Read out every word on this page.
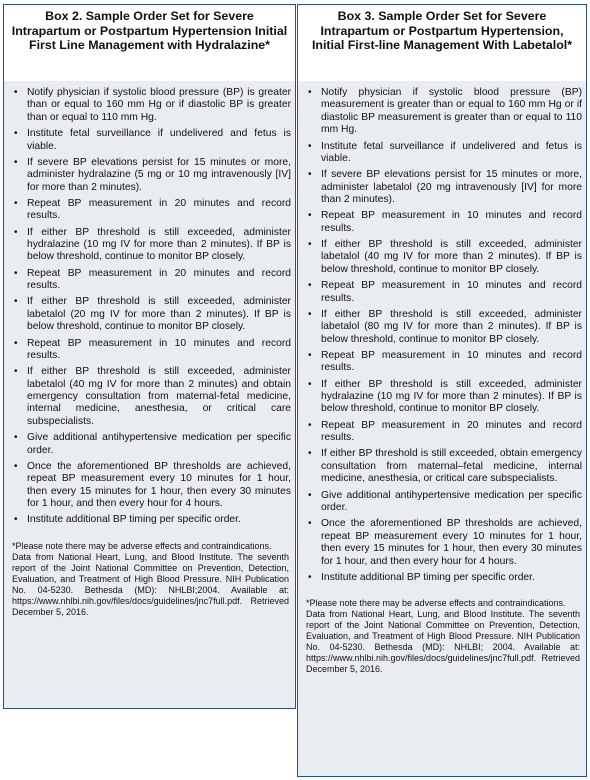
Box 2. Sample Order Set for Severe Intrapartum or Postpartum Hypertension Initial First Line Management with Hydralazine*
• Notify physician if systolic blood pressure (BP) is greater than or equal to 160 mm Hg or if diastolic BP is greater than or equal to 110 mm Hg.
• Institute fetal surveillance if undelivered and fetus is viable.
• If severe BP elevations persist for 15 minutes or more, administer hydralazine (5 mg or 10 mg intravenously [IV] for more than 2 minutes).
• Repeat BP measurement in 20 minutes and record results.
• If either BP threshold is still exceeded, administer hydralazine (10 mg IV for more than 2 minutes). If BP is below threshold, continue to monitor BP closely.
• Repeat BP measurement in 20 minutes and record results.
• If either BP threshold is still exceeded, administer labetalol (20 mg IV for more than 2 minutes). If BP is below threshold, continue to monitor BP closely.
• Repeat BP measurement in 10 minutes and record results.
• If either BP threshold is still exceeded, administer labetalol (40 mg IV for more than 2 minutes) and obtain emergency consultation from maternal-fetal medicine, internal medicine, anesthesia, or critical care subspecialists.
• Give additional antihypertensive medication per specific order.
• Once the aforementioned BP thresholds are achieved, repeat BP measurement every 10 minutes for 1 hour, then every 15 minutes for 1 hour, then every 30 minutes for 1 hour, and then every hour for 4 hours.
• Institute additional BP timing per specific order.

*Please note there may be adverse effects and contraindications.

Data from National Heart, Lung, and Blood Institute. The seventh report of the Joint National Committee on Prevention, Detection, Evaluation, and Treatment of High Blood Pressure. NIH Publication No. 04-5230. Bethesda (MD): NHLBI;2004. Available at: https://www.nhlbi.nih.gov/files/docs/guidelines/jnc7full.pdf. Retrieved December 5, 2016.

Box 3. Sample Order Set for Severe Intrapartum or Postpartum Hypertension, Initial First-line Management With Labetalol*
• Notify physician if systolic blood pressure (BP) measurement is greater than or equal to 160 mm Hg or if diastolic BP measurement is greater than or equal to 110 mm Hg.
• Institute fetal surveillance if undelivered and fetus is viable.
• If severe BP elevations persist for 15 minutes or more, administer labetalol (20 mg intravenously [IV] for more than 2 minutes).
• Repeat BP measurement in 10 minutes and record results.
• If either BP threshold is still exceeded, administer labetalol (40 mg IV for more than 2 minutes). If BP is below threshold, continue to monitor BP closely.
• Repeat BP measurement in 10 minutes and record results.
• If either BP threshold is still exceeded, administer labetalol (80 mg IV for more than 2 minutes). If BP is below threshold, continue to monitor BP closely.
• Repeat BP measurement in 10 minutes and record results.
• If either BP threshold is still exceeded, administer hydralazine (10 mg IV for more than 2 minutes). If BP is below threshold, continue to monitor BP closely.
• Repeat BP measurement in 20 minutes and record results.
• If either BP threshold is still exceeded, obtain emergency consultation from maternal–fetal medicine, internal medicine, anesthesia, or critical care subspecialists.
• Give additional antihypertensive medication per specific order.
• Once the aforementioned BP thresholds are achieved, repeat BP measurement every 10 minutes for 1 hour, then every 15 minutes for 1 hour, then every 30 minutes for 1 hour, and then every hour for 4 hours.
• Institute additional BP timing per specific order.

*Please note there may be adverse effects and contraindications.

Data from National Heart, Lung, and Blood Institute. The seventh report of the Joint National Committee on Prevention, Detection, Evaluation, and Treatment of High Blood Pressure. NIH Publication No. 04-5230. Bethesda (MD): NHLBI; 2004. Available at: https://www.nhlbi.nih.gov/files/docs/guidelines/jnc7full.pdf. Retrieved December 5, 2016.
